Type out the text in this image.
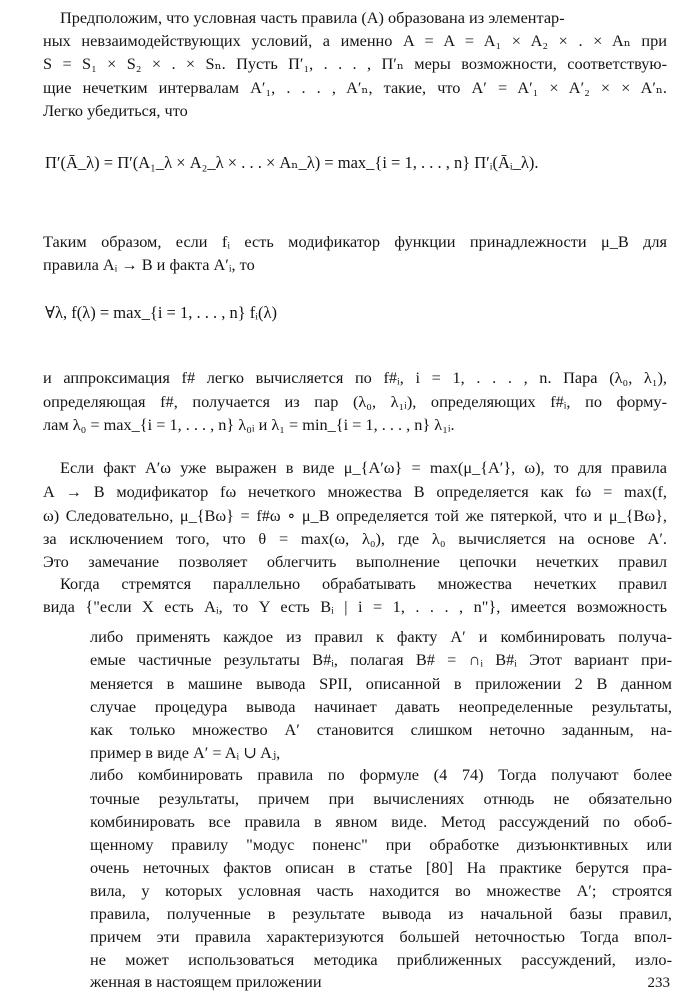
Предположим, что условная часть правила (A) образована из элементар-
ных невзаимодействующих условий, а именно A = A = A₁ × A₂ × . × Aₙ при
S = S₁ × S₂ × . × Sₙ. Пусть Π′₁, . . . , Π′ₙ меры возможности, соответствую-
щие нечетким интервалам A′₁, . . . , A′ₙ, такие, что A′ = A′₁ × A′₂ × × A′ₙ.
Легко убедиться, что
Π′(Ā_λ) = Π′(A₁_λ × A₂_λ × . . . × Aₙ_λ) = max_{i = 1, . . . , n} Π′ᵢ(Āᵢ_λ).
Таким образом, если fᵢ есть модификатор функции принадлежности μ_B для
правила Aᵢ → B и факта A′ᵢ, то
∀λ, f(λ) = max_{i = 1, . . . , n} fᵢ(λ)
и аппроксимация f# легко вычисляется по f#ᵢ, i = 1, . . . , n. Пара (λ₀, λ₁),
определяющая f#, получается из пар (λ₀, λ₁ᵢ), определяющих f#ᵢ, по форму-
лам λ₀ = max_{i = 1, . . . , n} λ₀ᵢ и λ₁ = min_{i = 1, . . . , n} λ₁ᵢ.
Если факт A′ω уже выражен в виде μ_{A′ω} = max(μ_{A′}, ω), то для правила
A → B модификатор fω нечеткого множества B определяется как fω = max(f,
ω) Следовательно, μ_{Bω} = f#ω ∘ μ_B определяется той же пятеркой, что и μ_{Bω},
за исключением того, что θ = max(ω, λ₀), где λ₀ вычисляется на основе A′.
Это замечание позволяет облегчить выполнение цепочки нечетких правил
Когда стремятся параллельно обрабатывать множества нечетких правил
вида {"если X есть Aᵢ, то Y есть Bᵢ | i = 1, . . . , n"}, имеется возможность
либо применять каждое из правил к факту A′ и комбинировать получа-
емые частичные результаты B#ᵢ, полагая B# = ∩ᵢ B#ᵢ Этот вариант при-
меняется в машине вывода SPII, описанной в приложении 2 В данном
случае процедура вывода начинает давать неопределенные результаты,
как только множество A′ становится слишком неточно заданным, на-
пример в виде A′ = Aᵢ ∪ Aⱼ,
либо комбинировать правила по формуле (4 74) Тогда получают более
точные результаты, причем при вычислениях отнюдь не обязательно
комбинировать все правила в явном виде. Метод рассуждений по обоб-
щенному правилу "модус поненс" при обработке дизъюнктивных или
очень неточных фактов описан в статье [80] На практике берутся пра-
вила, у которых условная часть находится во множестве A′; строятся
правила, полученные в результате вывода из начальной базы правил,
причем эти правила характеризуются большей неточностью Тогда впол-
не может использоваться методика приближенных рассуждений, изло-
женная в настоящем приложении	233
